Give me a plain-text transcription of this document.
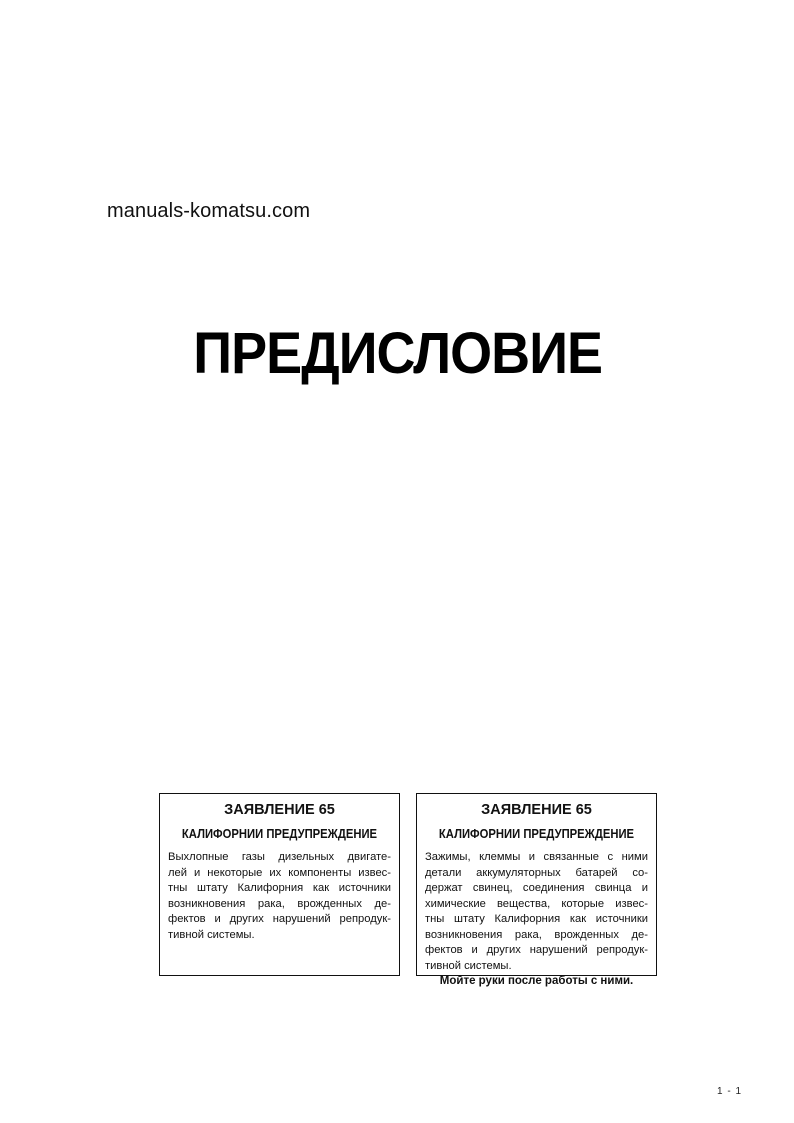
manuals-komatsu.com
ПРЕДИСЛОВИЕ
ЗАЯВЛЕНИЕ 65
КАЛИФОРНИИ ПРЕДУПРЕЖДЕНИЕ
Выхлопные газы дизельных двигате-
лей и некоторые их компоненты извес-
тны штату Калифорния как источники
возникновения рака, врожденных де-
фектов и других нарушений репродук-
тивной системы.
ЗАЯВЛЕНИЕ 65
КАЛИФОРНИИ ПРЕДУПРЕЖДЕНИЕ
Зажимы, клеммы и связанные с ними
детали аккумуляторных батарей со-
держат свинец, соединения свинца и
химические вещества, которые извес-
тны штату Калифорния как источники
возникновения рака, врожденных де-
фектов и других нарушений репродук-
тивной системы.
Мойте руки после работы с ними.
1 - 1
